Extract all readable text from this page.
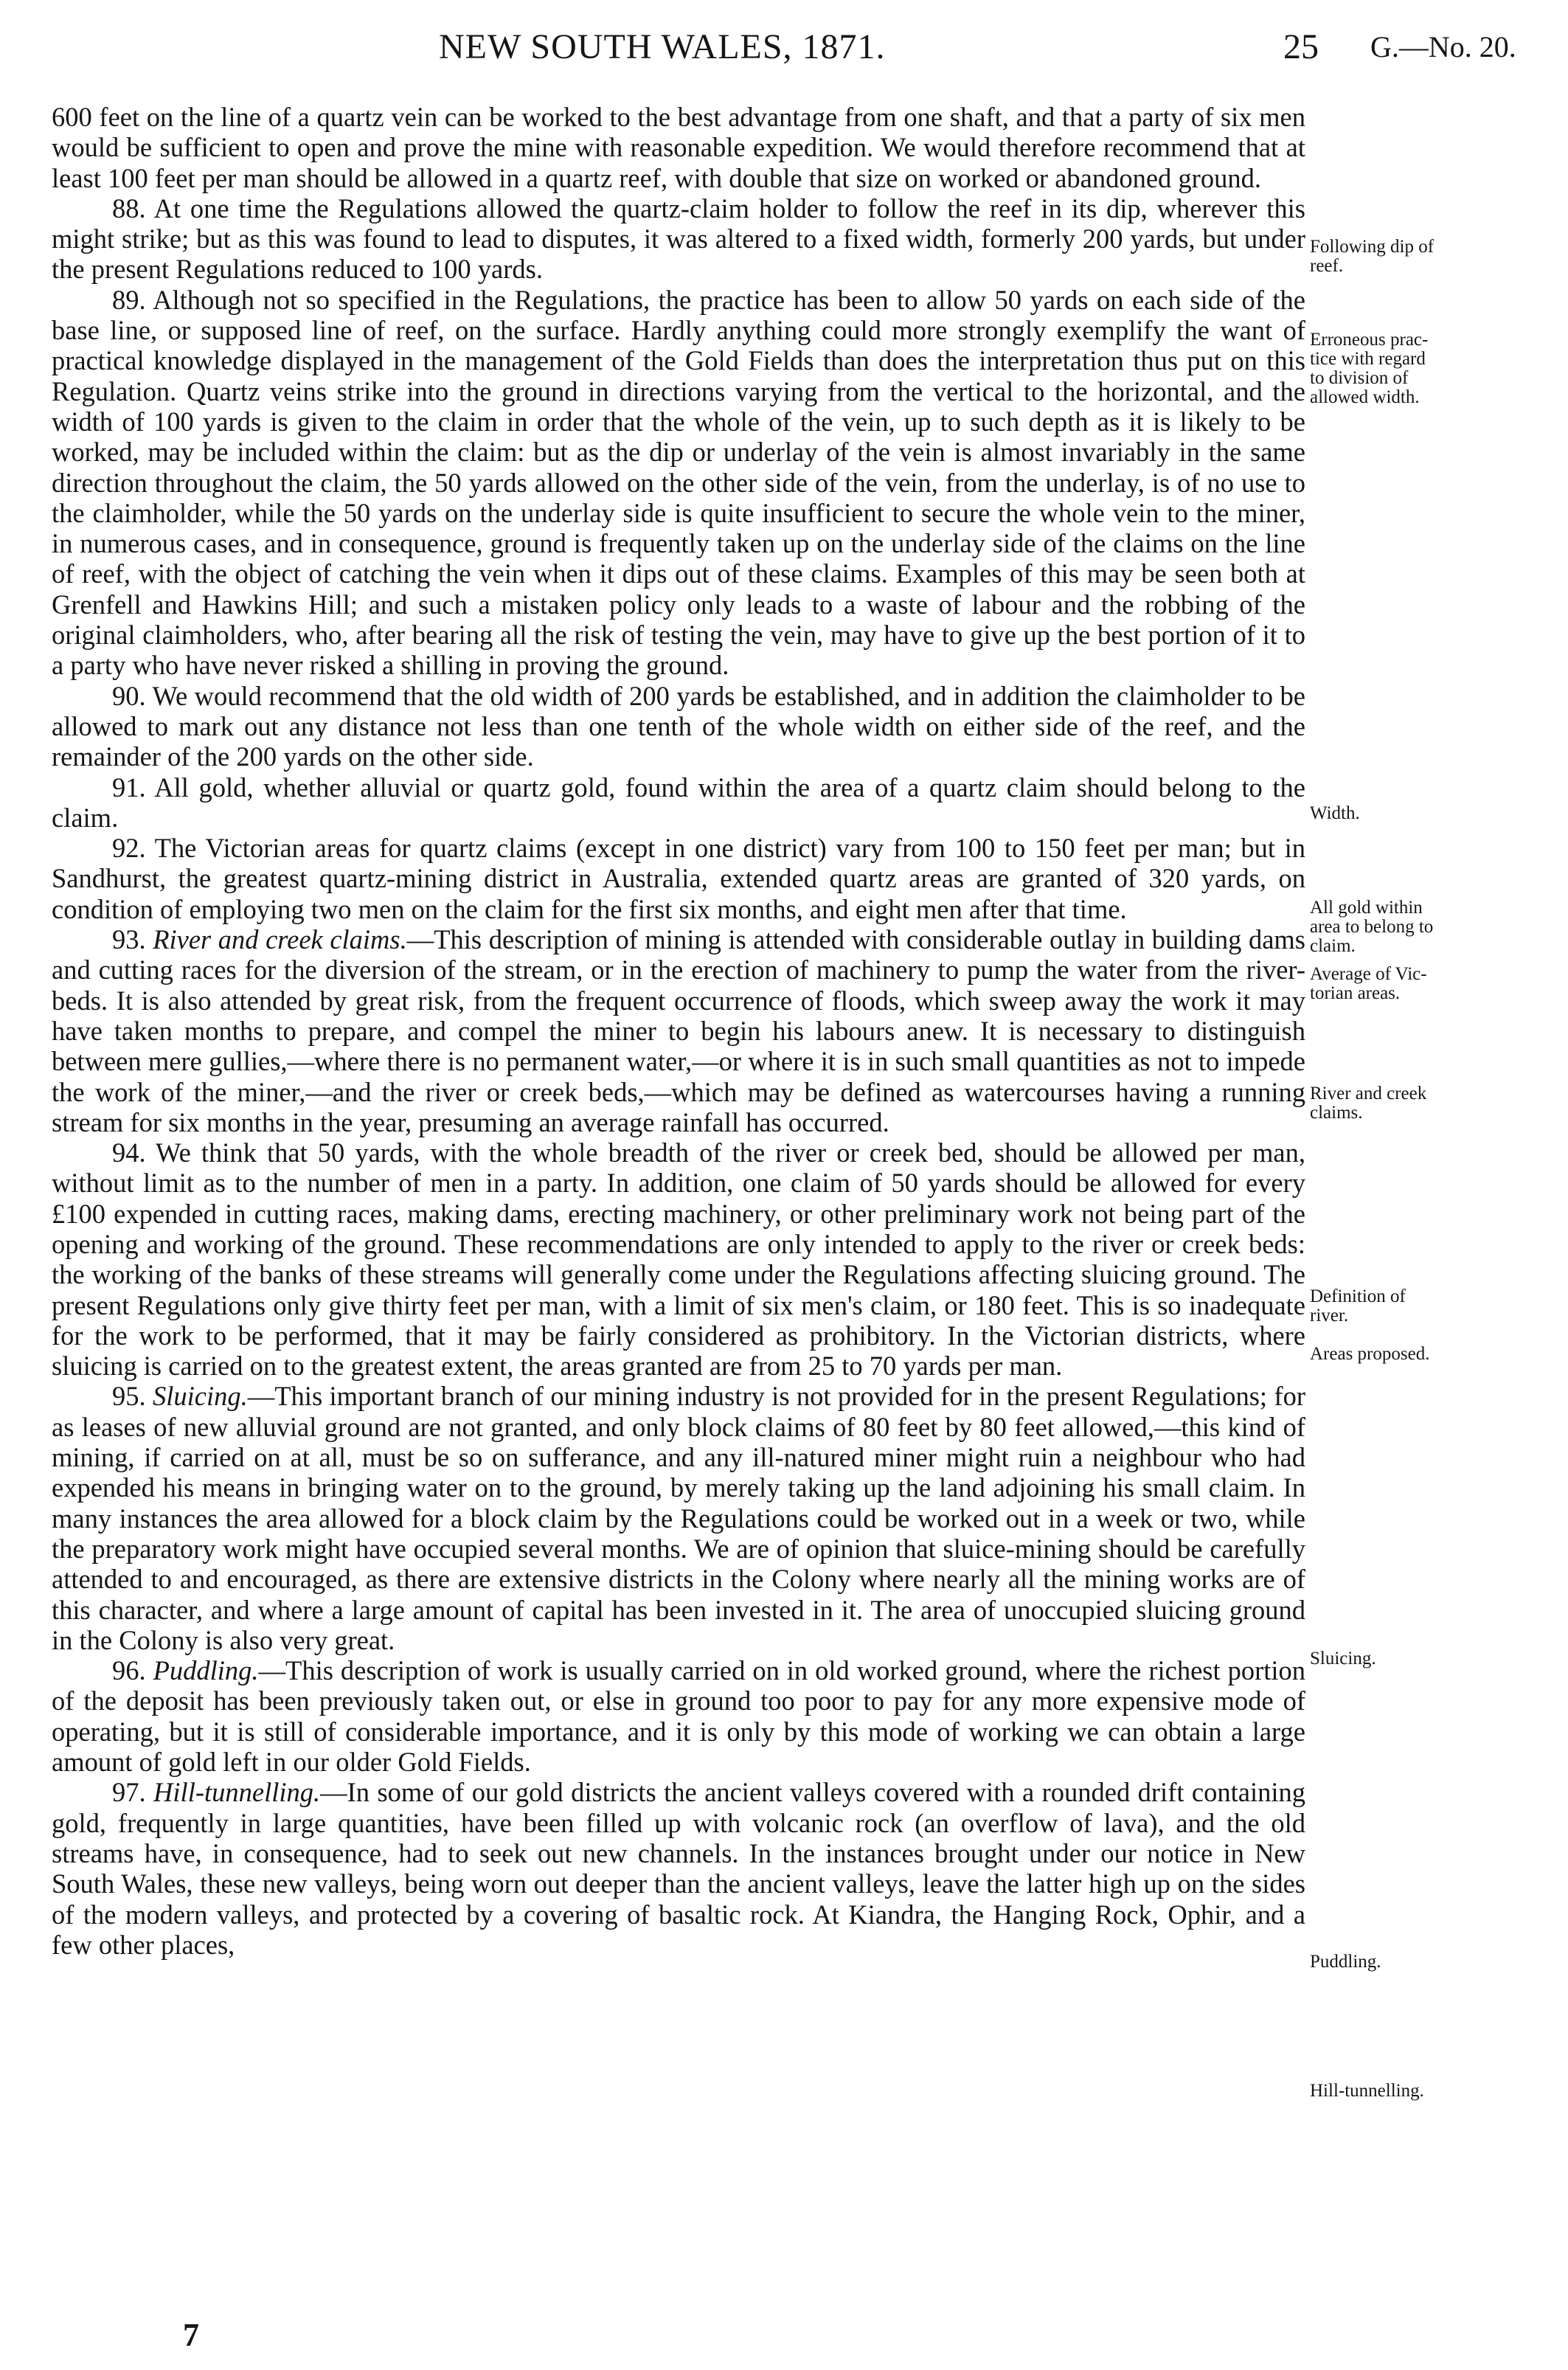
NEW SOUTH WALES, 1871.	25 G.—No. 20.

600 feet on the line of a quartz vein can be worked to the best advantage from one shaft, and that a party of six men would be sufficient to open and prove the mine with reasonable expedition. We would therefore recommend that at least 100 feet per man should be allowed in a quartz reef, with double that size on worked or abandoned ground.

88. At one time the Regulations allowed the quartz-claim holder to follow the reef in its dip, wherever this might strike; but as this was found to lead to disputes, it was altered to a fixed width, formerly 200 yards, but under the present Regulations reduced to 100 yards.

89. Although not so specified in the Regulations, the practice has been to allow 50 yards on each side of the base line, or supposed line of reef, on the surface. Hardly anything could more strongly exemplify the want of practical knowledge displayed in the management of the Gold Fields than does the interpretation thus put on this Regulation. Quartz veins strike into the ground in directions varying from the vertical to the horizontal, and the width of 100 yards is given to the claim in order that the whole of the vein, up to such depth as it is likely to be worked, may be included within the claim: but as the dip or underlay of the vein is almost invariably in the same direction throughout the claim, the 50 yards allowed on the other side of the vein, from the underlay, is of no use to the claimholder, while the 50 yards on the underlay side is quite insufficient to secure the whole vein to the miner, in numerous cases, and in consequence, ground is frequently taken up on the underlay side of the claims on the line of reef, with the object of catching the vein when it dips out of these claims. Examples of this may be seen both at Grenfell and Hawkins Hill; and such a mistaken policy only leads to a waste of labour and the robbing of the original claimholders, who, after bearing all the risk of testing the vein, may have to give up the best portion of it to a party who have never risked a shilling in proving the ground.

90. We would recommend that the old width of 200 yards be established, and in addition the claimholder to be allowed to mark out any distance not less than one tenth of the whole width on either side of the reef, and the remainder of the 200 yards on the other side.

91. All gold, whether alluvial or quartz gold, found within the area of a quartz claim should belong to the claim.

92. The Victorian areas for quartz claims (except in one district) vary from 100 to 150 feet per man; but in Sandhurst, the greatest quartz-mining district in Australia, extended quartz areas are granted of 320 yards, on condition of employing two men on the claim for the first six months, and eight men after that time.

93. River and creek claims.—This description of mining is attended with considerable outlay in building dams and cutting races for the diversion of the stream, or in the erection of machinery to pump the water from the river-beds. It is also attended by great risk, from the frequent occurrence of floods, which sweep away the work it may have taken months to prepare, and compel the miner to begin his labours anew. It is necessary to distinguish between mere gullies,—where there is no permanent water,—or where it is in such small quantities as not to impede the work of the miner,—and the river or creek beds,—which may be defined as watercourses having a running stream for six months in the year, presuming an average rainfall has occurred.

94. We think that 50 yards, with the whole breadth of the river or creek bed, should be allowed per man, without limit as to the number of men in a party. In addition, one claim of 50 yards should be allowed for every £100 expended in cutting races, making dams, erecting machinery, or other preliminary work not being part of the opening and working of the ground. These recommendations are only intended to apply to the river or creek beds: the working of the banks of these streams will generally come under the Regulations affecting sluicing ground. The present Regulations only give thirty feet per man, with a limit of six men's claim, or 180 feet. This is so inadequate for the work to be performed, that it may be fairly considered as prohibitory. In the Victorian districts, where sluicing is carried on to the greatest extent, the areas granted are from 25 to 70 yards per man.

95. Sluicing.—This important branch of our mining industry is not provided for in the present Regulations; for as leases of new alluvial ground are not granted, and only block claims of 80 feet by 80 feet allowed,—this kind of mining, if carried on at all, must be so on sufferance, and any ill-natured miner might ruin a neighbour who had expended his means in bringing water on to the ground, by merely taking up the land adjoining his small claim. In many instances the area allowed for a block claim by the Regulations could be worked out in a week or two, while the preparatory work might have occupied several months. We are of opinion that sluice-mining should be carefully attended to and encouraged, as there are extensive districts in the Colony where nearly all the mining works are of this character, and where a large amount of capital has been invested in it. The area of unoccupied sluicing ground in the Colony is also very great.

96. Puddling.—This description of work is usually carried on in old worked ground, where the richest portion of the deposit has been previously taken out, or else in ground too poor to pay for any more expensive mode of operating, but it is still of considerable importance, and it is only by this mode of working we can obtain a large amount of gold left in our older Gold Fields.

97. Hill-tunnelling.—In some of our gold districts the ancient valleys covered with a rounded drift containing gold, frequently in large quantities, have been filled up with volcanic rock (an overflow of lava), and the old streams have, in consequence, had to seek out new channels. In the instances brought under our notice in New South Wales, these new valleys, being worn out deeper than the ancient valleys, leave the latter high up on the sides of the modern valleys, and protected by a covering of basaltic rock. At Kiandra, the Hanging Rock, Ophir, and a few other places,

Following dip of
reef.
Erroneous prac-
tice with regard
to division of
allowed width.
Width.
All gold within
area to belong to
claim.
Average of Vic-
torian areas.
River and creek
claims.
Definition of
river.
Areas proposed.
Sluicing.
Puddling.
Hill-tunnelling.
7
